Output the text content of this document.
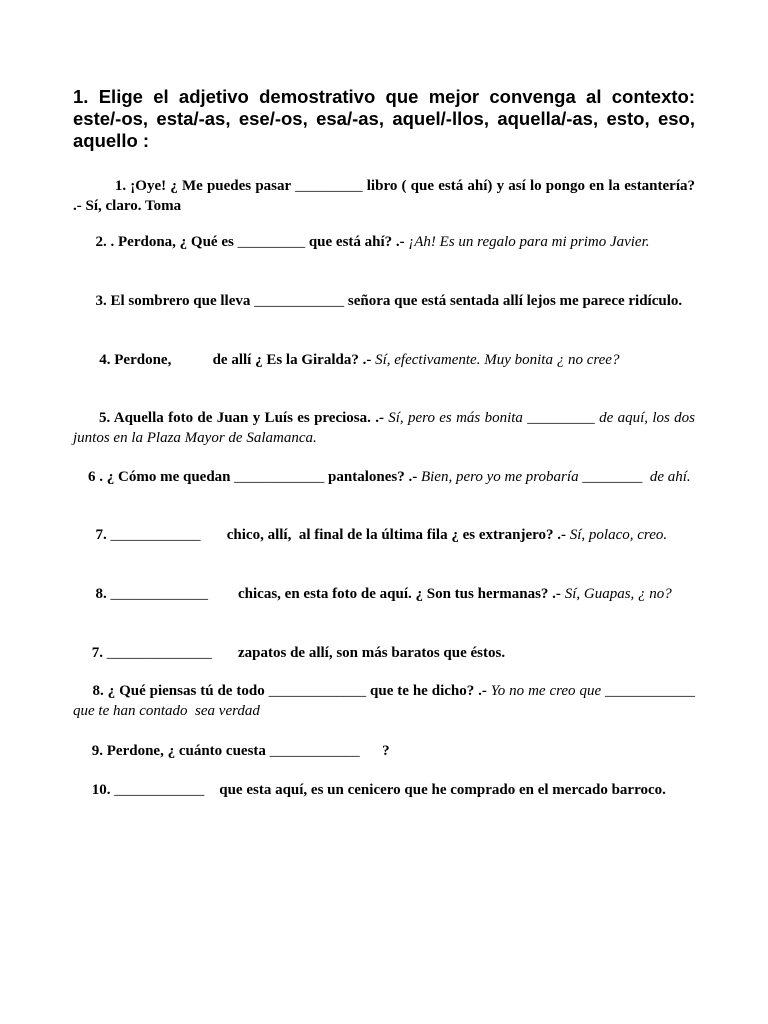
1. Elige el adjetivo demostrativo que mejor convenga al contexto: este/-os, esta/-as, ese/-os, esa/-as, aquel/-llos, aquella/-as, esto, eso, aquello :

1. ¡Oye! ¿ Me puedes pasar _________ libro ( que está ahí) y así lo pongo en la estantería? .- Sí, claro. Toma

2. . Perdona, ¿ Qué es _________ que está ahí? .- ¡Ah! Es un regalo para mi primo Javier.

3. El sombrero que lleva ____________ señora que está sentada allí lejos me parece ridículo.

4. Perdone,           de allí ¿ Es la Giralda? .- Sí, efectivamente. Muy bonita ¿ no cree?

5. Aquella foto de Juan y Luís es preciosa. .- Sí, pero es más bonita _________ de aquí, los dos juntos en la Plaza Mayor de Salamanca.

6 . ¿ Cómo me quedan ____________ pantalones? .- Bien, pero yo me probaría ________  de ahí.

7. ____________       chico, allí,  al final de la última fila ¿ es extranjero? .- Sí, polaco, creo.

8. _____________        chicas, en esta foto de aquí. ¿ Son tus hermanas? .- Sí, Guapas, ¿ no?

7. ______________       zapatos de allí, son más baratos que éstos.

8. ¿ Qué piensas tú de todo _____________ que te he dicho? .- Yo no me creo que ____________ que te han contado  sea verdad

9. Perdone, ¿ cuánto cuesta ____________      ?

10. ____________    que esta aquí, es un cenicero que he comprado en el mercado barroco.
